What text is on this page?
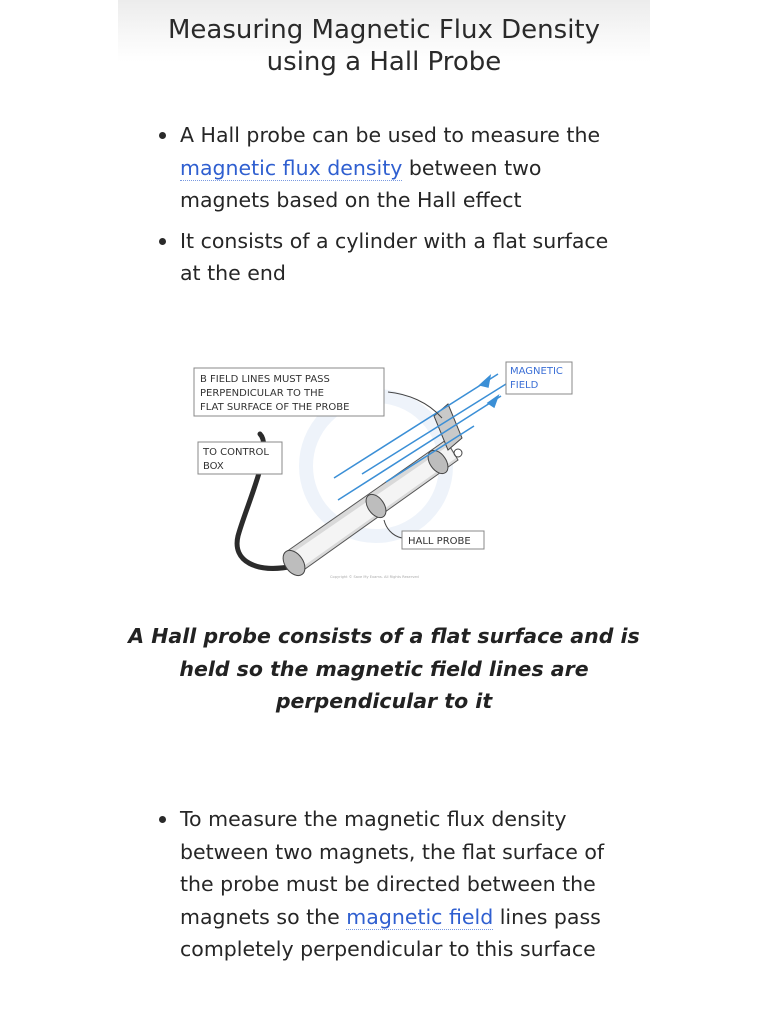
Measuring Magnetic Flux Density
using a Hall Probe
A Hall probe can be used to measure the magnetic flux density between two magnets based on the Hall effect
It consists of a cylinder with a flat surface at the end
B FIELD LINES MUST PASS
PERPENDICULAR TO THE
FLAT SURFACE OF THE PROBE
TO CONTROL
BOX
MAGNETIC
FIELD
HALL PROBE
Copyright © Save My Exams. All Rights Reserved

A Hall probe consists of a flat surface and is
held so the magnetic field lines are
perpendicular to it

To measure the magnetic flux density between two magnets, the flat surface of the probe must be directed between the magnets so the magnetic field lines pass completely perpendicular to this surface
